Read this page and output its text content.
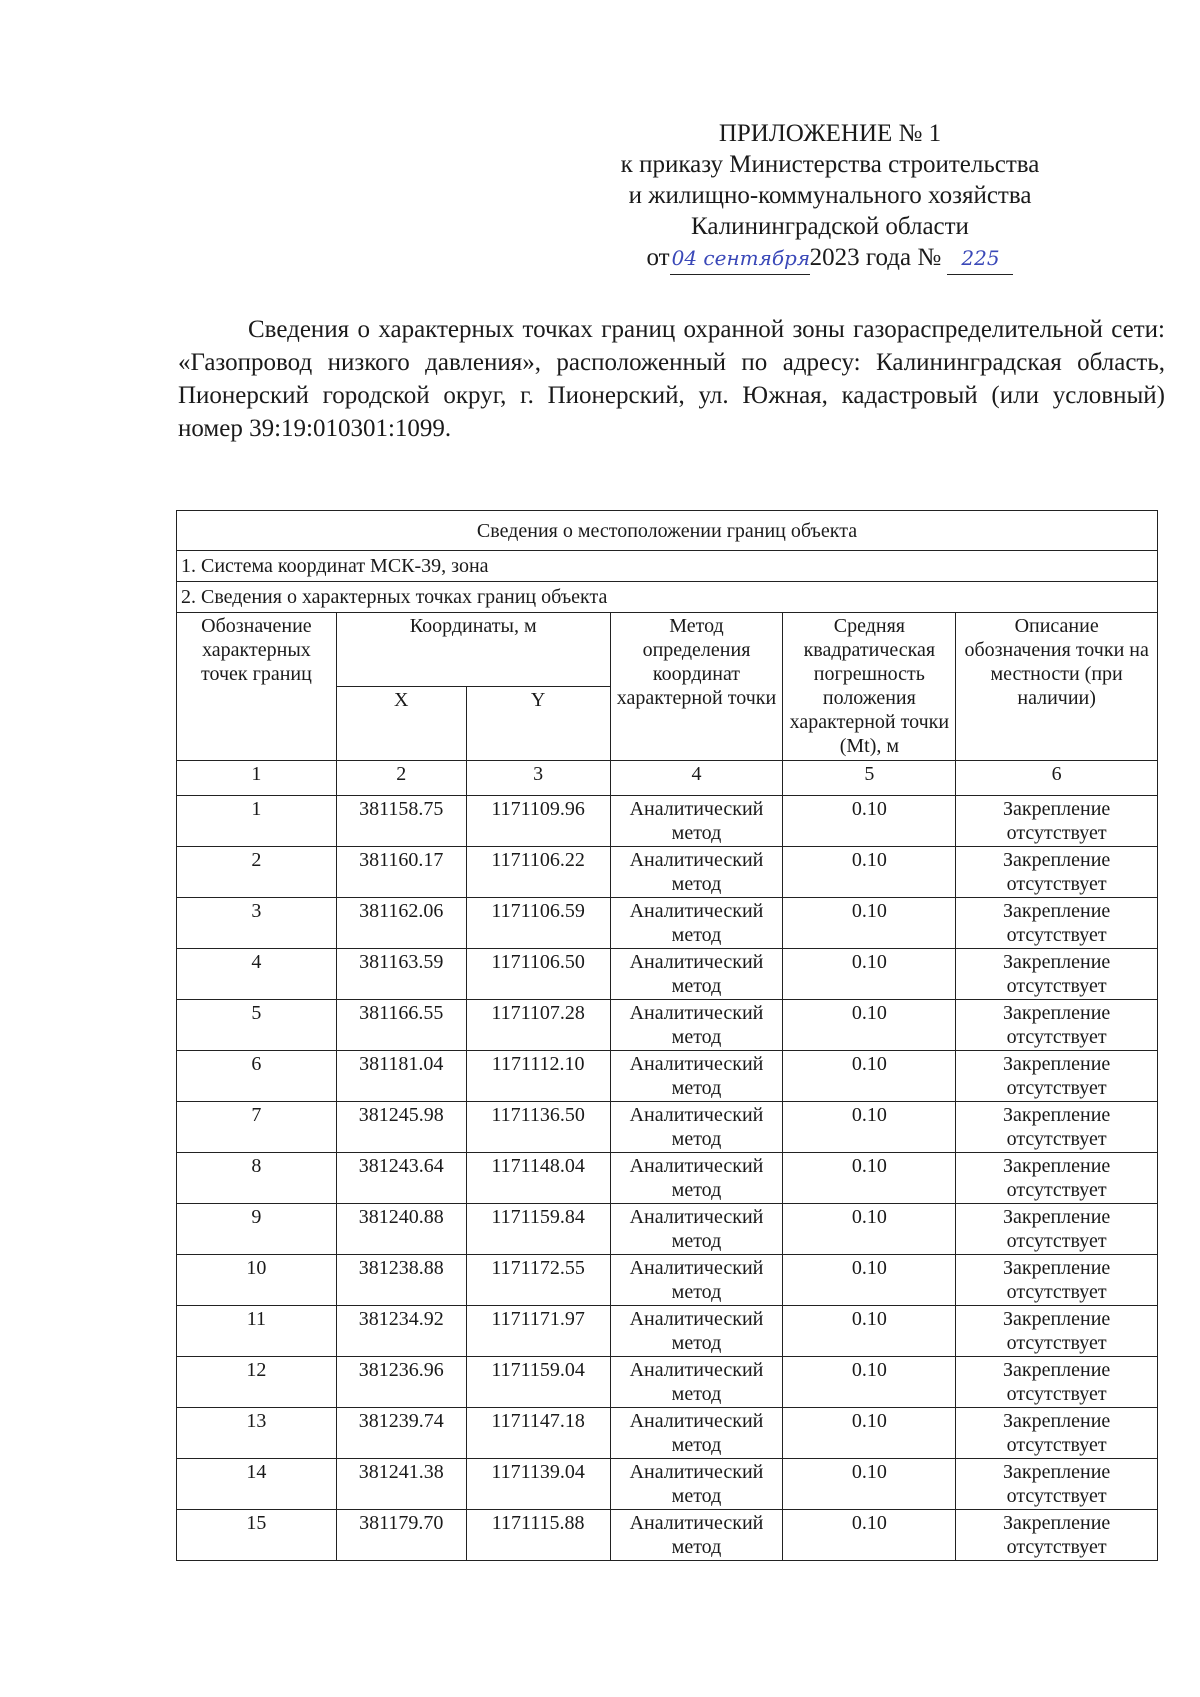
ПРИЛОЖЕНИЕ № 1
к приказу Министерства строительства
и жилищно-коммунального хозяйства
Калининградской области
от 04 сентября2023 года № 225
Сведения о характерных точках границ охранной зоны газораспределительной сети: «Газопровод низкого давления», расположенный по адресу: Калининградская область, Пионерский городской округ, г. Пионерский, ул. Южная, кадастровый (или условный) номер 39:19:010301:1099.
Сведения о местоположении границ объекта					
1. Система координат МСК-39, зона					
2. Сведения о характерных точках границ объекта					
Обозначение характерных точек границ	Координаты, м		Метод определения координат характерной точки	Средняя квадратическая погрешность положения характерной точки (Mt), м	Описание обозначения точки на местности (при наличии)
	X	Y			
1	2	3	4	5	6
1	381158.75	1171109.96	Аналитический метод	0.10	Закрепление отсутствует
2	381160.17	1171106.22	Аналитический метод	0.10	Закрепление отсутствует
3	381162.06	1171106.59	Аналитический метод	0.10	Закрепление отсутствует
4	381163.59	1171106.50	Аналитический метод	0.10	Закрепление отсутствует
5	381166.55	1171107.28	Аналитический метод	0.10	Закрепление отсутствует
6	381181.04	1171112.10	Аналитический метод	0.10	Закрепление отсутствует
7	381245.98	1171136.50	Аналитический метод	0.10	Закрепление отсутствует
8	381243.64	1171148.04	Аналитический метод	0.10	Закрепление отсутствует
9	381240.88	1171159.84	Аналитический метод	0.10	Закрепление отсутствует
10	381238.88	1171172.55	Аналитический метод	0.10	Закрепление отсутствует
11	381234.92	1171171.97	Аналитический метод	0.10	Закрепление отсутствует
12	381236.96	1171159.04	Аналитический метод	0.10	Закрепление отсутствует
13	381239.74	1171147.18	Аналитический метод	0.10	Закрепление отсутствует
14	381241.38	1171139.04	Аналитический метод	0.10	Закрепление отсутствует
15	381179.70	1171115.88	Аналитический метод	0.10	Закрепление отсутствует
